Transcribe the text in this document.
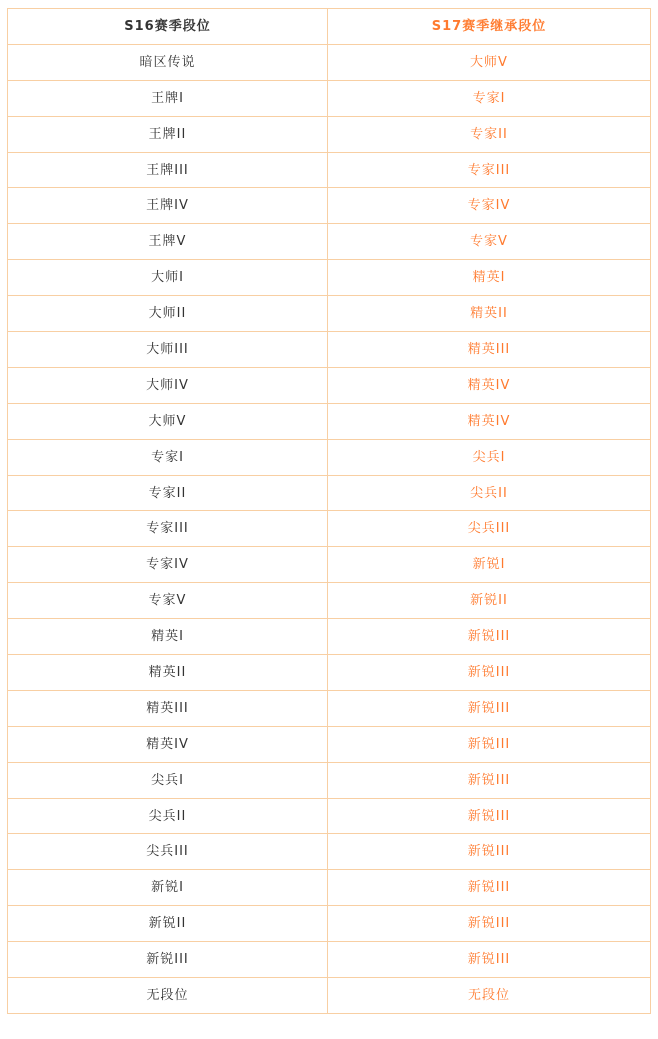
S16赛季段位	S17赛季继承段位
暗区传说	大师V
王牌I	专家I
王牌II	专家II
王牌III	专家III
王牌IV	专家IV
王牌V	专家V
大师I	精英I
大师II	精英II
大师III	精英III
大师IV	精英IV
大师V	精英IV
专家I	尖兵I
专家II	尖兵II
专家III	尖兵III
专家IV	新锐I
专家V	新锐II
精英I	新锐III
精英II	新锐III
精英III	新锐III
精英IV	新锐III
尖兵I	新锐III
尖兵II	新锐III
尖兵III	新锐III
新锐I	新锐III
新锐II	新锐III
新锐III	新锐III
无段位	无段位
